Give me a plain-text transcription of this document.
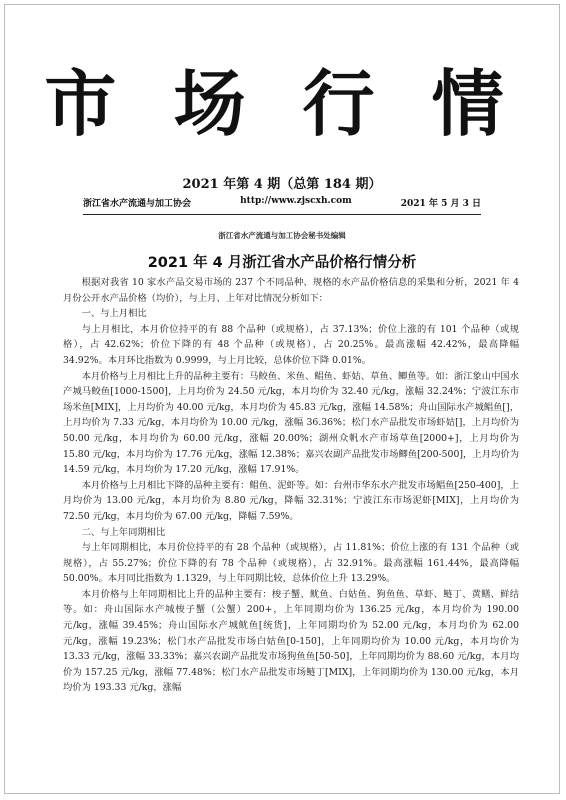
市 场 行 情
2021 年第 4 期（总第 184 期）
浙江省水产流通与加工协会	http://www.zjscxh.com	2021 年 5 月 3 日
浙江省水产流通与加工协会秘书处编辑
2021 年 4 月浙江省水产品价格行情分析

根据对我省 10 家水产品交易市场的 237 个不同品种、规格的水产品价格信息的采集和分析，2021 年 4 月份公开水产品价格（均价），与上月、上年对比情况分析如下：

一、与上月相比

与上月相比，本月价位持平的有 88 个品种（或规格），占 37.13%；价位上涨的有 101 个品种（或规格），占 42.62%；价位下降的有 48 个品种（或规格），占 20.25%。最高涨幅 42.42%，最高降幅 34.92%。本月环比指数为 0.9999，与上月比较，总体价位下降 0.01%。

本月价格与上月相比上升的品种主要有：马鲛鱼、米鱼、鲳鱼、虾姑、草鱼、鲫鱼等。如：浙江象山中国水产城马鲛鱼[1000-1500]，上月均价为 24.50 元/kg，本月均价为 32.40 元/kg，涨幅 32.24%；宁波江东市场米鱼[MIX]，上月均价为 40.00 元/kg，本月均价为 45.83 元/kg，涨幅 14.58%；舟山国际水产城鲳鱼[]，上月均价为 7.33 元/kg，本月均价为 10.00 元/kg，涨幅 36.36%；松门水产品批发市场虾姑[]，上月均价为 50.00 元/kg，本月均价为 60.00 元/kg，涨幅 20.00%；湖州众帆水产市场草鱼[2000+]，上月均价为 15.80 元/kg，本月均价为 17.76 元/kg，涨幅 12.38%；嘉兴农副产品批发市场鲫鱼[200-500]，上月均价为 14.59 元/kg，本月均价为 17.20 元/kg，涨幅 17.91%。

本月价格与上月相比下降的品种主要有：鲳鱼、泥虾等。如：台州市华东水产批发市场鲳鱼[250-400]，上月均价为 13.00 元/kg，本月均价为 8.80 元/kg，降幅 32.31%；宁波江东市场泥虾[MIX]，上月均价为 72.50 元/kg，本月均价为 67.00 元/kg，降幅 7.59%。

二、与上年同期相比

与上年同期相比，本月价位持平的有 28 个品种（或规格），占 11.81%；价位上涨的有 131 个品种（或规格），占 55.27%；价位下降的有 78 个品种（或规格），占 32.91%。最高涨幅 161.44%，最高降幅 50.00%。本月同比指数为 1.1329，与上年同期比较，总体价位上升 13.29%。

本月价格与上年同期相比上升的品种主要有：梭子蟹、鱿鱼、白姑鱼、狗鱼鱼、草虾、鲢丁、黄鳝、鲜结等。如：舟山国际水产城梭子蟹（公蟹）200+，上年同期均价为 136.25 元/kg，本月均价为 190.00 元/kg，涨幅 39.45%；舟山国际水产城鱿鱼[统货]，上年同期均价为 52.00 元/kg，本月均价为 62.00 元/kg，涨幅 19.23%；松门水产品批发市场白姑鱼[0-150]，上年同期均价为 10.00 元/kg，本月均价为 13.33 元/kg，涨幅 33.33%；嘉兴农副产品批发市场狗鱼鱼[50-50]，上年同期均价为 88.60 元/kg，本月均价为 157.25 元/kg，涨幅 77.48%；松门水产品批发市场鲢丁[MIX]，上年同期均价为 130.00 元/kg，本月均价为 193.33 元/kg，涨幅
